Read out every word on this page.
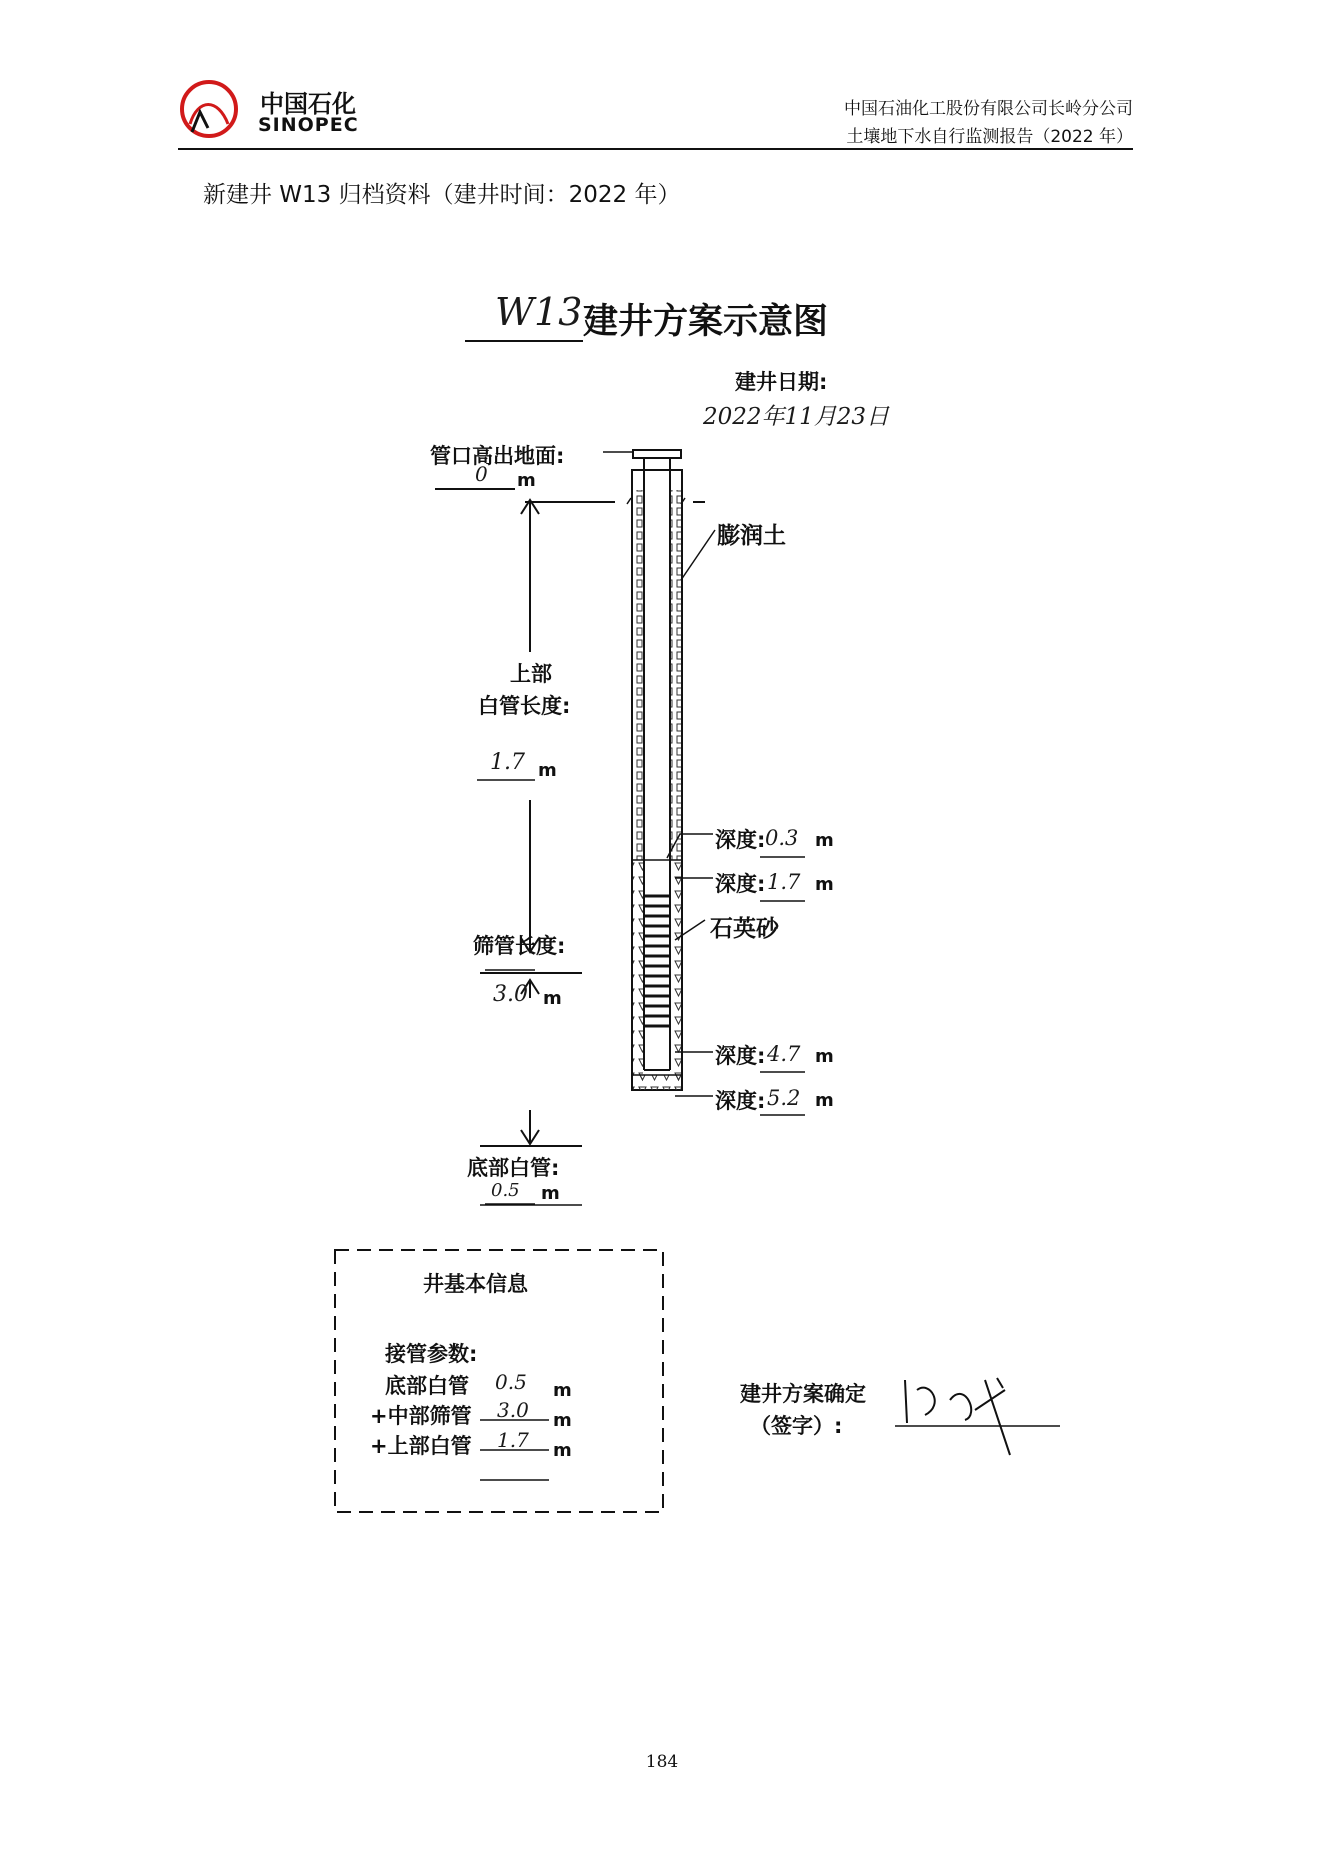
中国石化
SINOPEC
中国石油化工股份有限公司长岭分公司
土壤地下水自行监测报告（2022 年）
新建井 W13 归档资料（建井时间：2022 年）
W13 建井方案示意图
建井日期:
2022年11月23日
管口高出地面:
0 m
膨润土
上部
白管长度:
1.7 m
深度: 0.3 m
深度: 1.7 m
筛管长度:
3.0 m
石英砂
深度: 4.7 m
底部白管:
0.5 m
深度: 5.2 m
井基本信息
接管参数:
底部白管 0.5 m
+中部筛管 3.0 m
+上部白管 1.7 m
建井方案确定
（签字）:
184
